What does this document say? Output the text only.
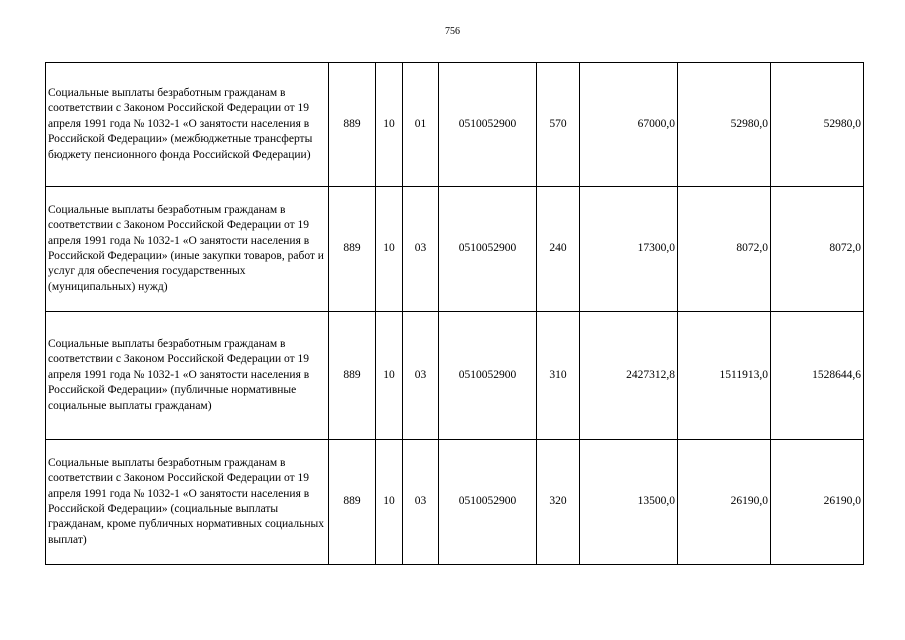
756
Социальные выплаты безработным гражданам в соответствии с Законом Российской Федерации от 19 апреля 1991 года № 1032-1 «О занятости населения в Российской Федерации» (межбюджетные трансферты бюджету пенсионного фонда Российской Федерации)	889	10	01	0510052900	570	67000,0	52980,0	52980,0
Социальные выплаты безработным гражданам в соответствии с Законом Российской Федерации от 19 апреля 1991 года № 1032-1 «О занятости населения в Российской Федерации» (иные закупки товаров, работ и услуг для обеспечения государственных (муниципальных) нужд)	889	10	03	0510052900	240	17300,0	8072,0	8072,0
Социальные выплаты безработным гражданам в соответствии с Законом Российской Федерации от 19 апреля 1991 года № 1032-1 «О занятости населения в Российской Федерации» (публичные нормативные социальные выплаты гражданам)	889	10	03	0510052900	310	2427312,8	1511913,0	1528644,6
Социальные выплаты безработным гражданам в соответствии с Законом Российской Федерации от 19 апреля 1991 года № 1032-1 «О занятости населения в Российской Федерации» (социальные выплаты гражданам, кроме публичных нормативных социальных выплат)	889	10	03	0510052900	320	13500,0	26190,0	26190,0
